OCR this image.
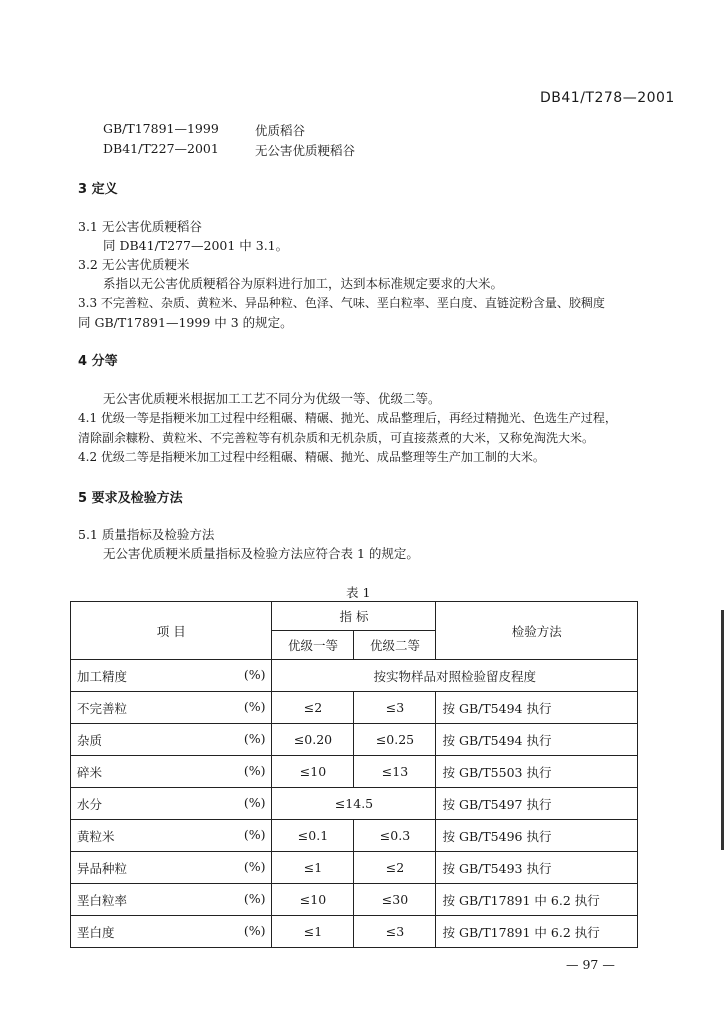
DB41/T278—2001
GB/T17891—1999	优质稻谷
DB41/T227—2001	无公害优质粳稻谷
3 定义
3.1 无公害优质粳稻谷
同 DB41/T277—2001 中 3.1。
3.2 无公害优质粳米
系指以无公害优质粳稻谷为原料进行加工，达到本标准规定要求的大米。
3.3 不完善粒、杂质、黄粒米、异品种粒、色泽、气味、垩白粒率、垩白度、直链淀粉含量、胶稠度
同 GB/T17891—1999 中 3 的规定。
4 分等
无公害优质粳米根据加工工艺不同分为优级一等、优级二等。
4.1 优级一等是指粳米加工过程中经粗碾、精碾、抛光、成品整理后，再经过精抛光、色选生产过程，
清除副余糠粉、黄粒米、不完善粒等有机杂质和无机杂质，可直接蒸煮的大米，又称免淘洗大米。
4.2 优级二等是指粳米加工过程中经粗碾、精碾、抛光、成品整理等生产加工制的大米。
5 要求及检验方法
5.1 质量指标及检验方法
无公害优质粳米质量指标及检验方法应符合表 1 的规定。
表 1
项 目	指 标		检验方法
	优级一等	优级二等	

加工精度 (%)	按实物样品对照检验留皮程度		

不完善粒 (%)	≤2	≤3	按 GB/T5494 执行

杂质 (%)	≤0.20	≤0.25	按 GB/T5494 执行

碎米 (%)	≤10	≤13	按 GB/T5503 执行

水分 (%)	≤14.5		按 GB/T5497 执行

黄粒米 (%)	≤0.1	≤0.3	按 GB/T5496 执行

异品种粒 (%)	≤1	≤2	按 GB/T5493 执行

垩白粒率 (%)	≤10	≤30	按 GB/T17891 中 6.2 执行

垩白度 (%)	≤1	≤3	按 GB/T17891 中 6.2 执行
— 97 —
